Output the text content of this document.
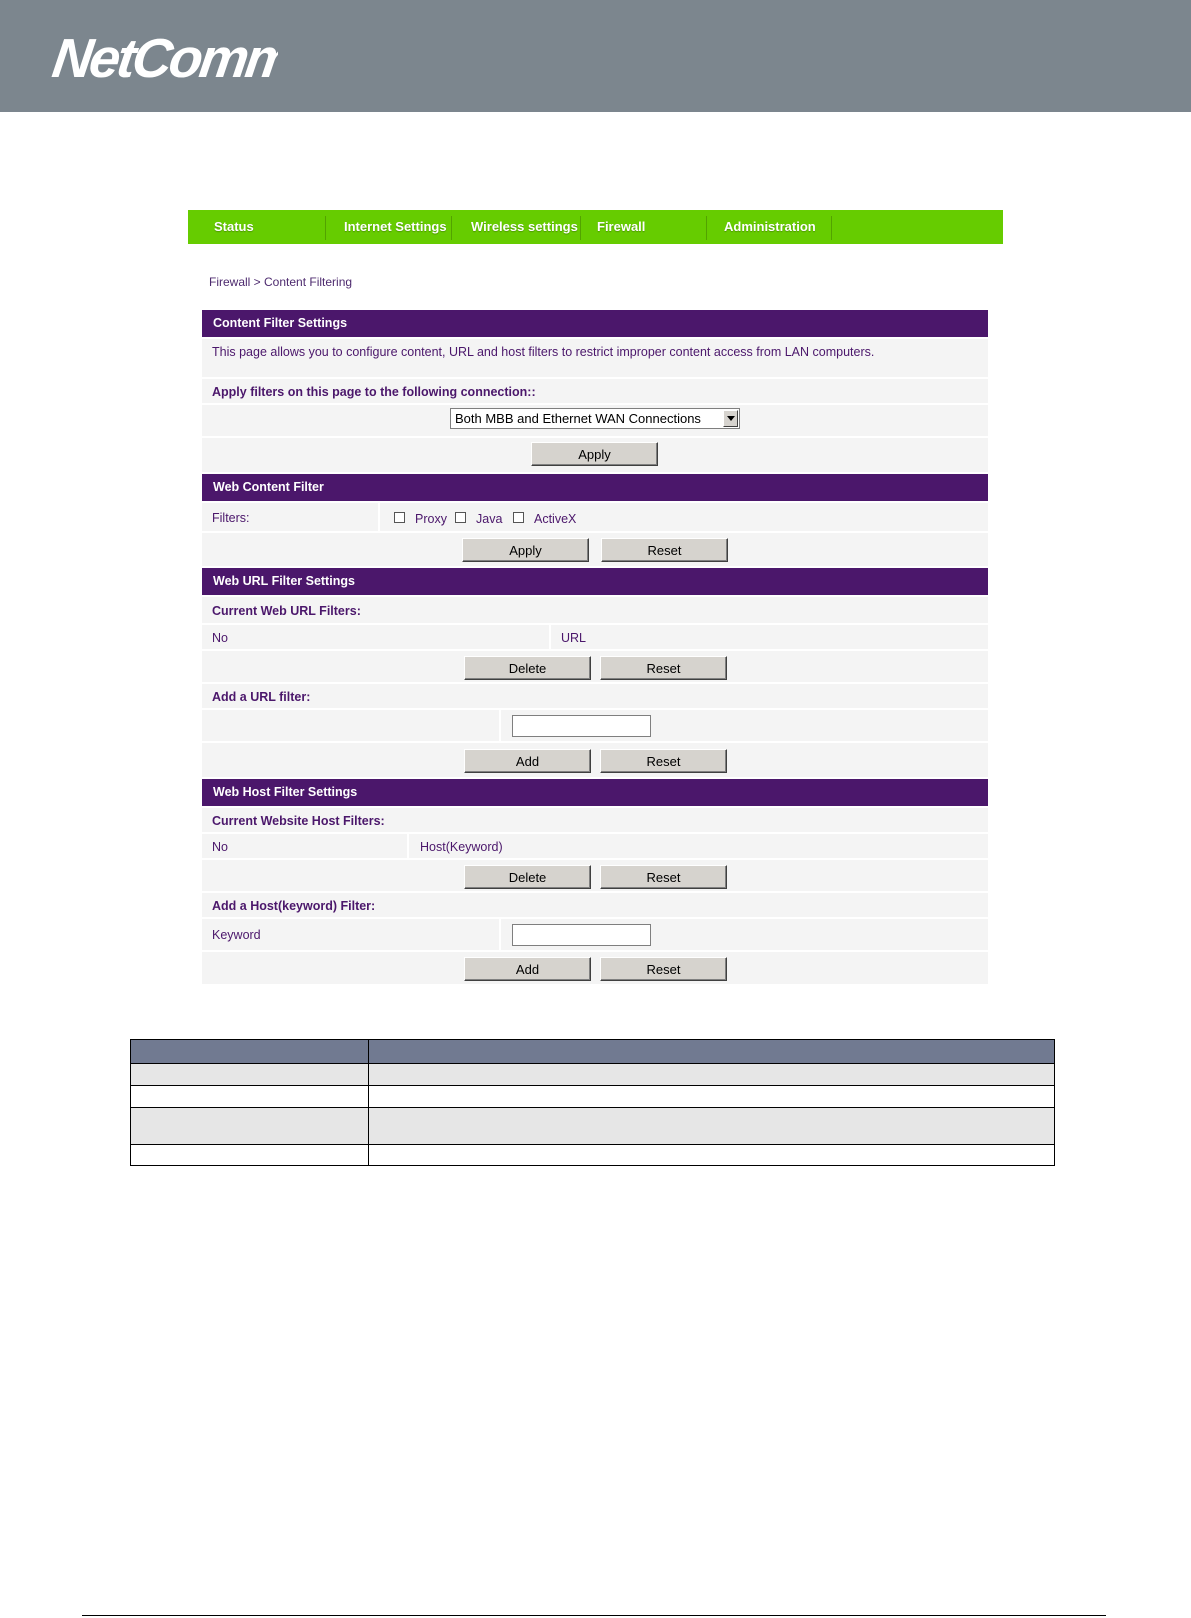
NetComm
Status	Internet Settings Wireless settings Firewall	Administration
Firewall > Content Filtering
Content Filter Settings
This page allows you to configure content, URL and host filters to restrict improper content access from LAN computers.
Apply filters on this page to the following connection::
Both MBB and Ethernet WAN Connections
Apply
Web Content Filter
Filters:	Proxy Java	ActiveX
Apply	Reset
Web URL Filter Settings
Current Web URL Filters:
No	URL
Delete	Reset
Add a URL filter:
Add	Reset
Web Host Filter Settings
Current Website Host Filters:
No	Host(Keyword)
Delete	Reset
Add a Host(keyword) Filter:
Keyword
Add	Reset
